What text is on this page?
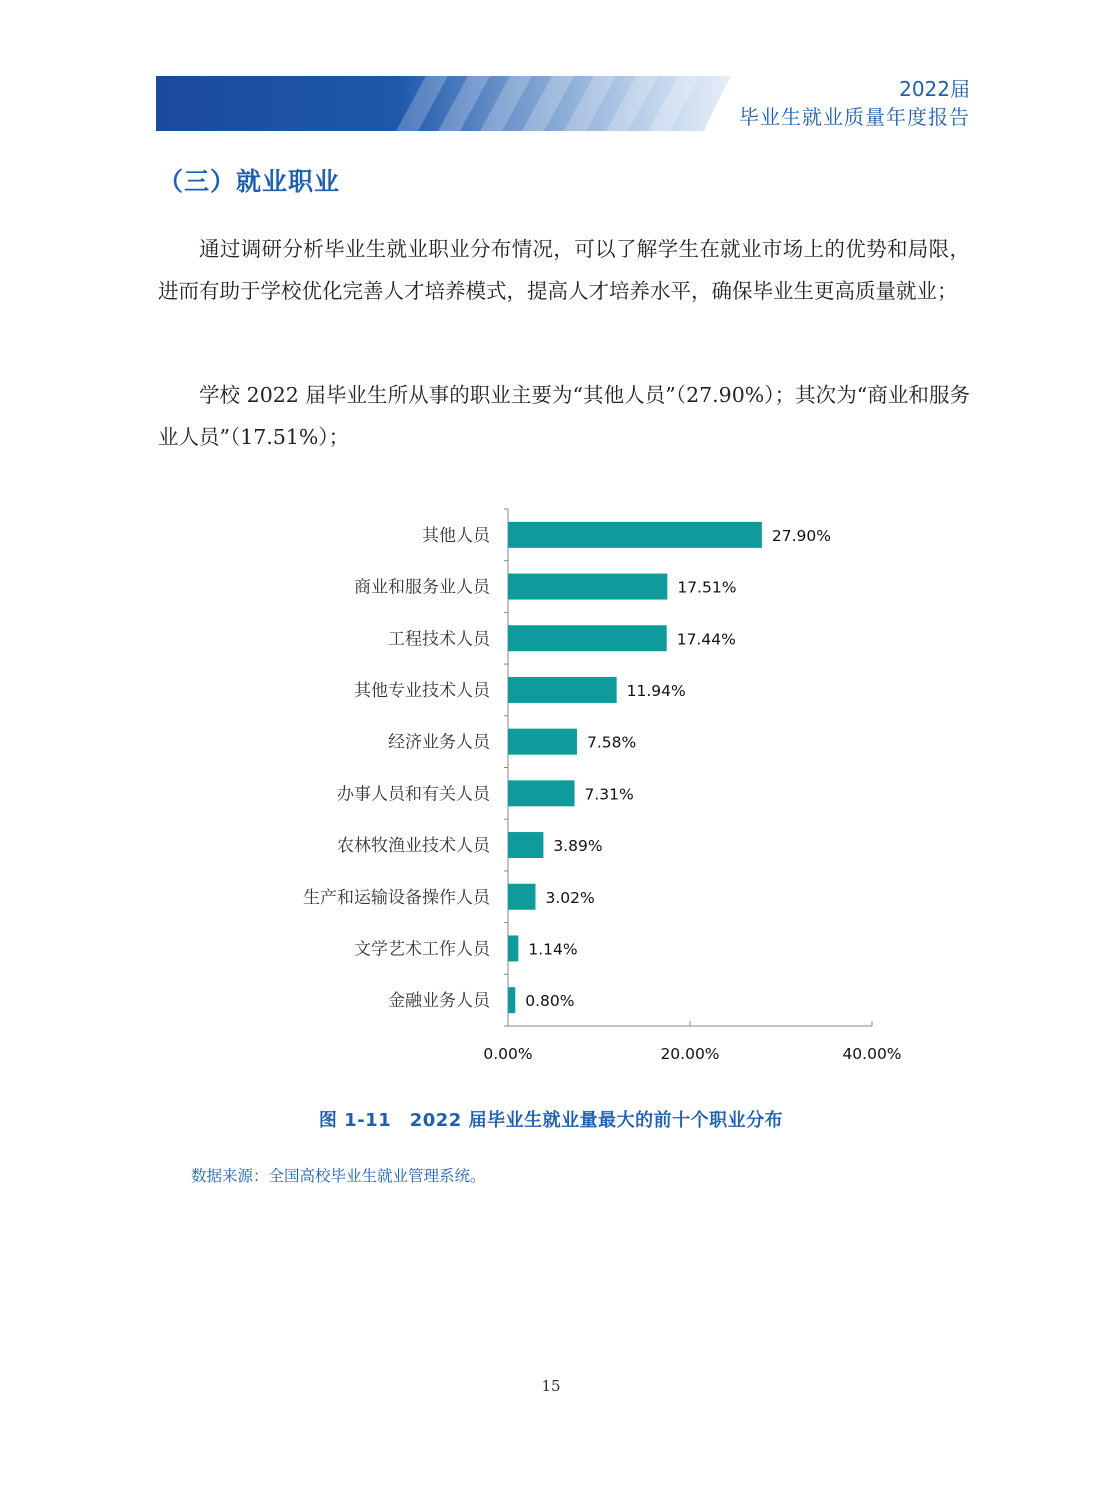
2022届
毕业生就业质量年度报告
（三）就业职业

通过调研分析毕业生就业职业分布情况，可以了解学生在就业市场上的优势和局限，进而有助于学校优化完善人才培养模式，提高人才培养水平，确保毕业生更高质量就业；

学校 2022 届毕业生所从事的职业主要为“其他人员”（27.90%）；其次为“商业和服务业人员”（17.51%）；

其他人员	27.90%
商业和服务业人员	17.51%
工程技术人员	17.44%
其他专业技术人员	11.94%
经济业务人员	7.58%
办事人员和有关人员	7.31%
农林牧渔业技术人员	3.89%
生产和运输设备操作人员	3.02%
文学艺术工作人员 1.14%
金融业务人员 0.80%
0.00%	20.00%	40.00%
图 1-11　2022 届毕业生就业量最大的前十个职业分布
数据来源：全国高校毕业生就业管理系统。
15
